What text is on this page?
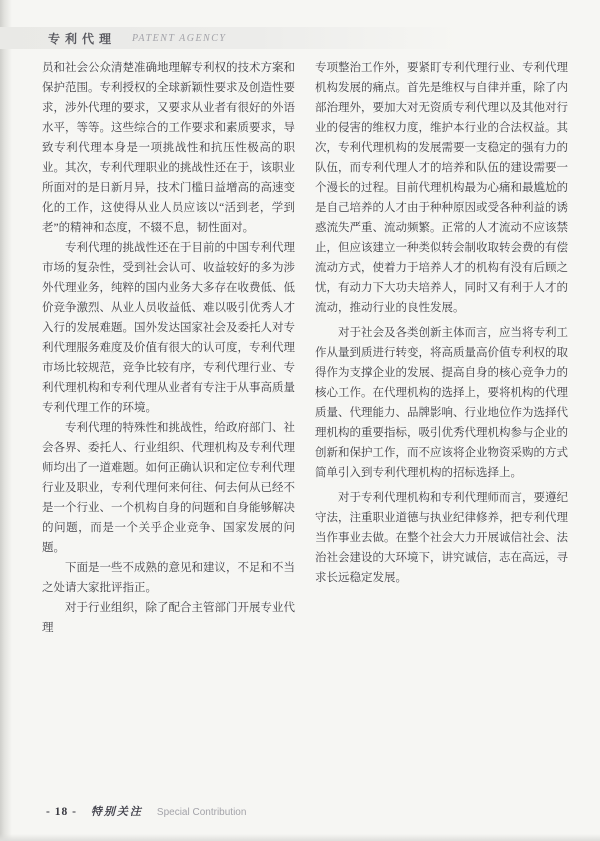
专利代理 PATENT AGENCY

员和社会公众清楚准确地理解专利权的技术方案和保护范围。专利授权的全球新颖性要求及创造性要求，涉外代理的要求，又要求从业者有很好的外语水平，等等。这些综合的工作要求和素质要求，导致专利代理本身是一项挑战性和抗压性极高的职业。其次，专利代理职业的挑战性还在于，该职业所面对的是日新月异，技术门槛日益增高的高速变化的工作，这使得从业人员应该以“活到老，学到老”的精神和态度，不辍不息，韧性面对。

专利代理的挑战性还在于目前的中国专利代理市场的复杂性，受到社会认可、收益较好的多为涉外代理业务，纯粹的国内业务大多存在收费低、低价竞争激烈、从业人员收益低、难以吸引优秀人才入行的发展难题。国外发达国家社会及委托人对专利代理服务难度及价值有很大的认可度，专利代理市场比较规范，竞争比较有序，专利代理行业、专利代理机构和专利代理从业者有专注于从事高质量专利代理工作的环境。

专利代理的特殊性和挑战性，给政府部门、社会各界、委托人、行业组织、代理机构及专利代理师均出了一道难题。如何正确认识和定位专利代理行业及职业，专利代理何来何往、何去何从已经不是一个行业、一个机构自身的问题和自身能够解决的问题，而是一个关乎企业竞争、国家发展的问题。

下面是一些不成熟的意见和建议，不足和不当之处请大家批评指正。

对于行业组织，除了配合主管部门开展专业代理

专项整治工作外，要紧盯专利代理行业、专利代理机构发展的痛点。首先是维权与自律并重，除了内部治理外，要加大对无资质专利代理以及其他对行业的侵害的维权力度，维护本行业的合法权益。其次，专利代理机构的发展需要一支稳定的强有力的队伍，而专利代理人才的培养和队伍的建设需要一个漫长的过程。目前代理机构最为心痛和最尴尬的是自己培养的人才由于种种原因或受各种利益的诱惑流失严重、流动频繁。正常的人才流动不应该禁止，但应该建立一种类似转会制收取转会费的有偿流动方式，使着力于培养人才的机构有没有后顾之忧，有动力下大功夫培养人，同时又有利于人才的流动，推动行业的良性发展。

对于社会及各类创新主体而言，应当将专利工作从量到质进行转变，将高质量高价值专利权的取得作为支撑企业的发展、提高自身的核心竞争力的核心工作。在代理机构的选择上，要将机构的代理质量、代理能力、品牌影响、行业地位作为选择代理机构的重要指标，吸引优秀代理机构参与企业的创新和保护工作，而不应该将企业物资采购的方式简单引入到专利代理机构的招标选择上。

对于专利代理机构和专利代理师而言，要遵纪守法，注重职业道德与执业纪律修养，把专利代理当作事业去做。在整个社会大力开展诚信社会、法治社会建设的大环境下，讲究诚信，志在高远，寻求长远稳定发展。

- 18 - 特别关注 Special Contribution
